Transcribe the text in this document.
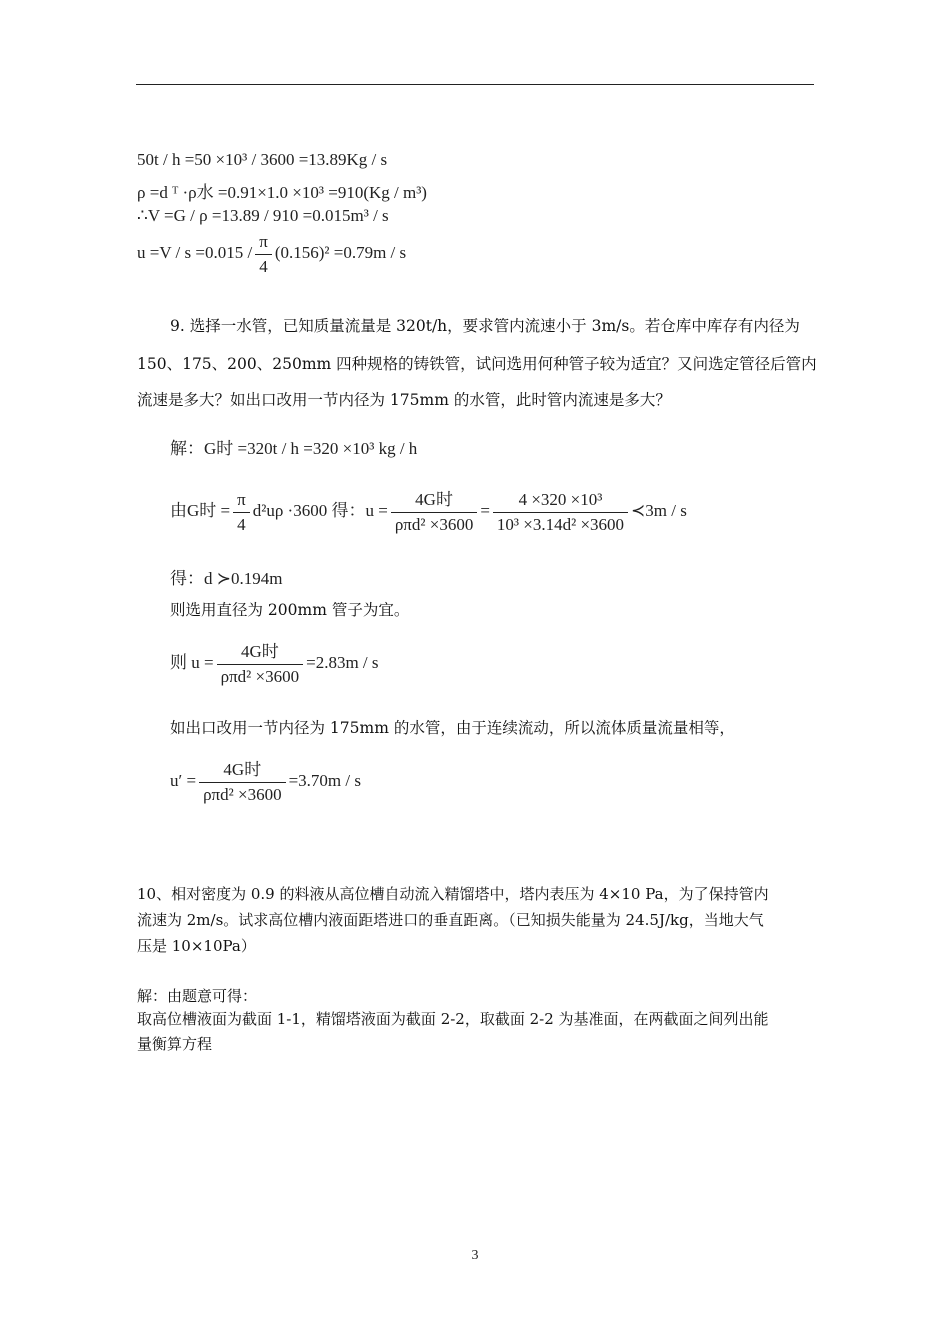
50t / h =50 ×10³ / 3600 =13.89Kg / s
ρ =d ᵀ ·ρ水 =0.91×1.0 ×10³ =910(Kg / m³)
∴V =G / ρ =13.89 / 910 =0.015m³ / s
$u =V / s =0.015 / \frac{\pi}{4} (0.156)^2 =0.79m / s$
9. 选择一水管，已知质量流量是 320t/h，要求管内流速小于 3m/s。若仓库中库存有内径为
150、175、200、250mm 四种规格的铸铁管，试问选用何种管子较为适宜？又问选定管径后管内
流速是多大？如出口改用一节内径为 175mm 的水管，此时管内流速是多大？
解：G时 =320t / h =320 ×10³ kg / h
由G时 = $\frac{\pi}{4} d^2u\rho \cdot 3600$ 得：$u = \frac{\text{4G时}}{\text{ρπd² ×3600}} = \frac{\text{4 ×320 ×10³}}{\text{10³ ×3.14d² ×3600}}$ ≺3m / s
得：d ≻0.194m
则选用直径为 200mm 管子为宜。
则 $u = \frac{\text{4G时}}{\text{ρπd² ×3600}} =2.83m / s$
如出口改用一节内径为 175mm 的水管，由于连续流动，所以流体质量流量相等，
$u' = \frac{\text{4G时}}{\text{ρπd² ×3600}} =3.70m / s$
10、相对密度为 0.9 的料液从高位槽自动流入精馏塔中，塔内表压为 4×10 Pa，为了保持管内
流速为 2m/s。试求高位槽内液面距塔进口的垂直距离。（已知损失能量为 24.5J/kg，当地大气
压是 10×10Pa）
解：由题意可得：
取高位槽液面为截面 1-1，精馏塔液面为截面 2-2，取截面 2-2 为基准面，在两截面之间列出能
量衡算方程
3
